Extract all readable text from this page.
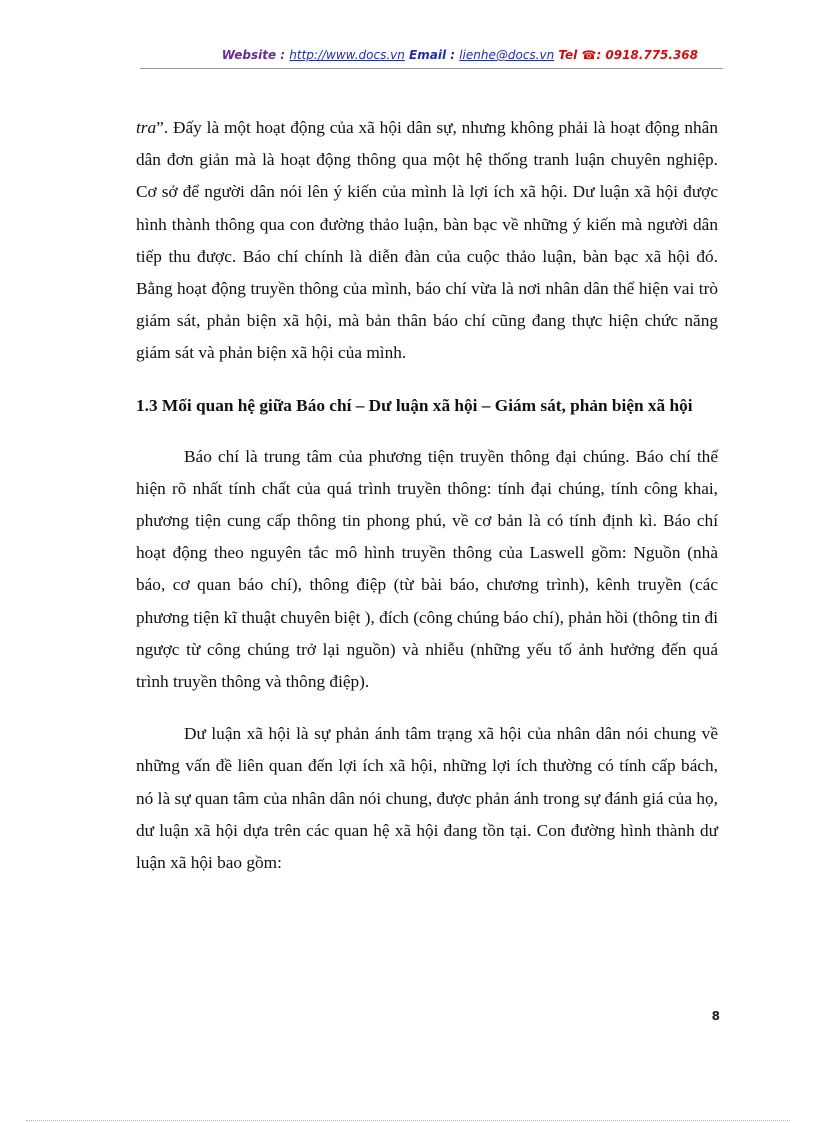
Website : http://www.docs.vn Email : lienhe@docs.vn Tel ☎: 0918.775.368

tra”. Đấy là một hoạt động của xã hội dân sự, nhưng không phải là hoạt động nhân dân đơn giản mà là hoạt động thông qua một hệ thống tranh luận chuyên nghiệp. Cơ sở để người dân nói lên ý kiến của mình là lợi ích xã hội. Dư luận xã hội được hình thành thông qua con đường thảo luận, bàn bạc về những ý kiến mà người dân tiếp thu được. Báo chí chính là diễn đàn của cuộc thảo luận, bàn bạc xã hội đó. Bằng hoạt động truyền thông của mình, báo chí vừa là nơi nhân dân thể hiện vai trò giám sát, phản biện xã hội, mà bản thân báo chí cũng đang thực hiện chức năng giám sát và phản biện xã hội của mình.

1.3 Mối quan hệ giữa Báo chí – Dư luận xã hội – Giám sát, phản biện xã hội

Báo chí là trung tâm của phương tiện truyền thông đại chúng. Báo chí thể hiện rõ nhất tính chất của quá trình truyền thông: tính đại chúng, tính công khai, phương tiện cung cấp thông tin phong phú, về cơ bản là có tính định kì. Báo chí hoạt động theo nguyên tắc mô hình truyền thông của Laswell gồm: Nguồn (nhà báo, cơ quan báo chí), thông điệp (từ bài báo, chương trình), kênh truyền (các phương tiện kĩ thuật chuyên biệt ), đích (công chúng báo chí), phản hồi (thông tin đi ngược từ công chúng trở lại nguồn) và nhiễu (những yếu tố ảnh hưởng đến quá trình truyền thông và thông điệp).

Dư luận xã hội là sự phản ánh tâm trạng xã hội của nhân dân nói chung về những vấn đề liên quan đến lợi ích xã hội, những lợi ích thường có tính cấp bách, nó là sự quan tâm của nhân dân nói chung, được phản ánh trong sự đánh giá của họ, dư luận xã hội dựa trên các quan hệ xã hội đang tồn tại. Con đường hình thành dư luận xã hội bao gồm:

8
